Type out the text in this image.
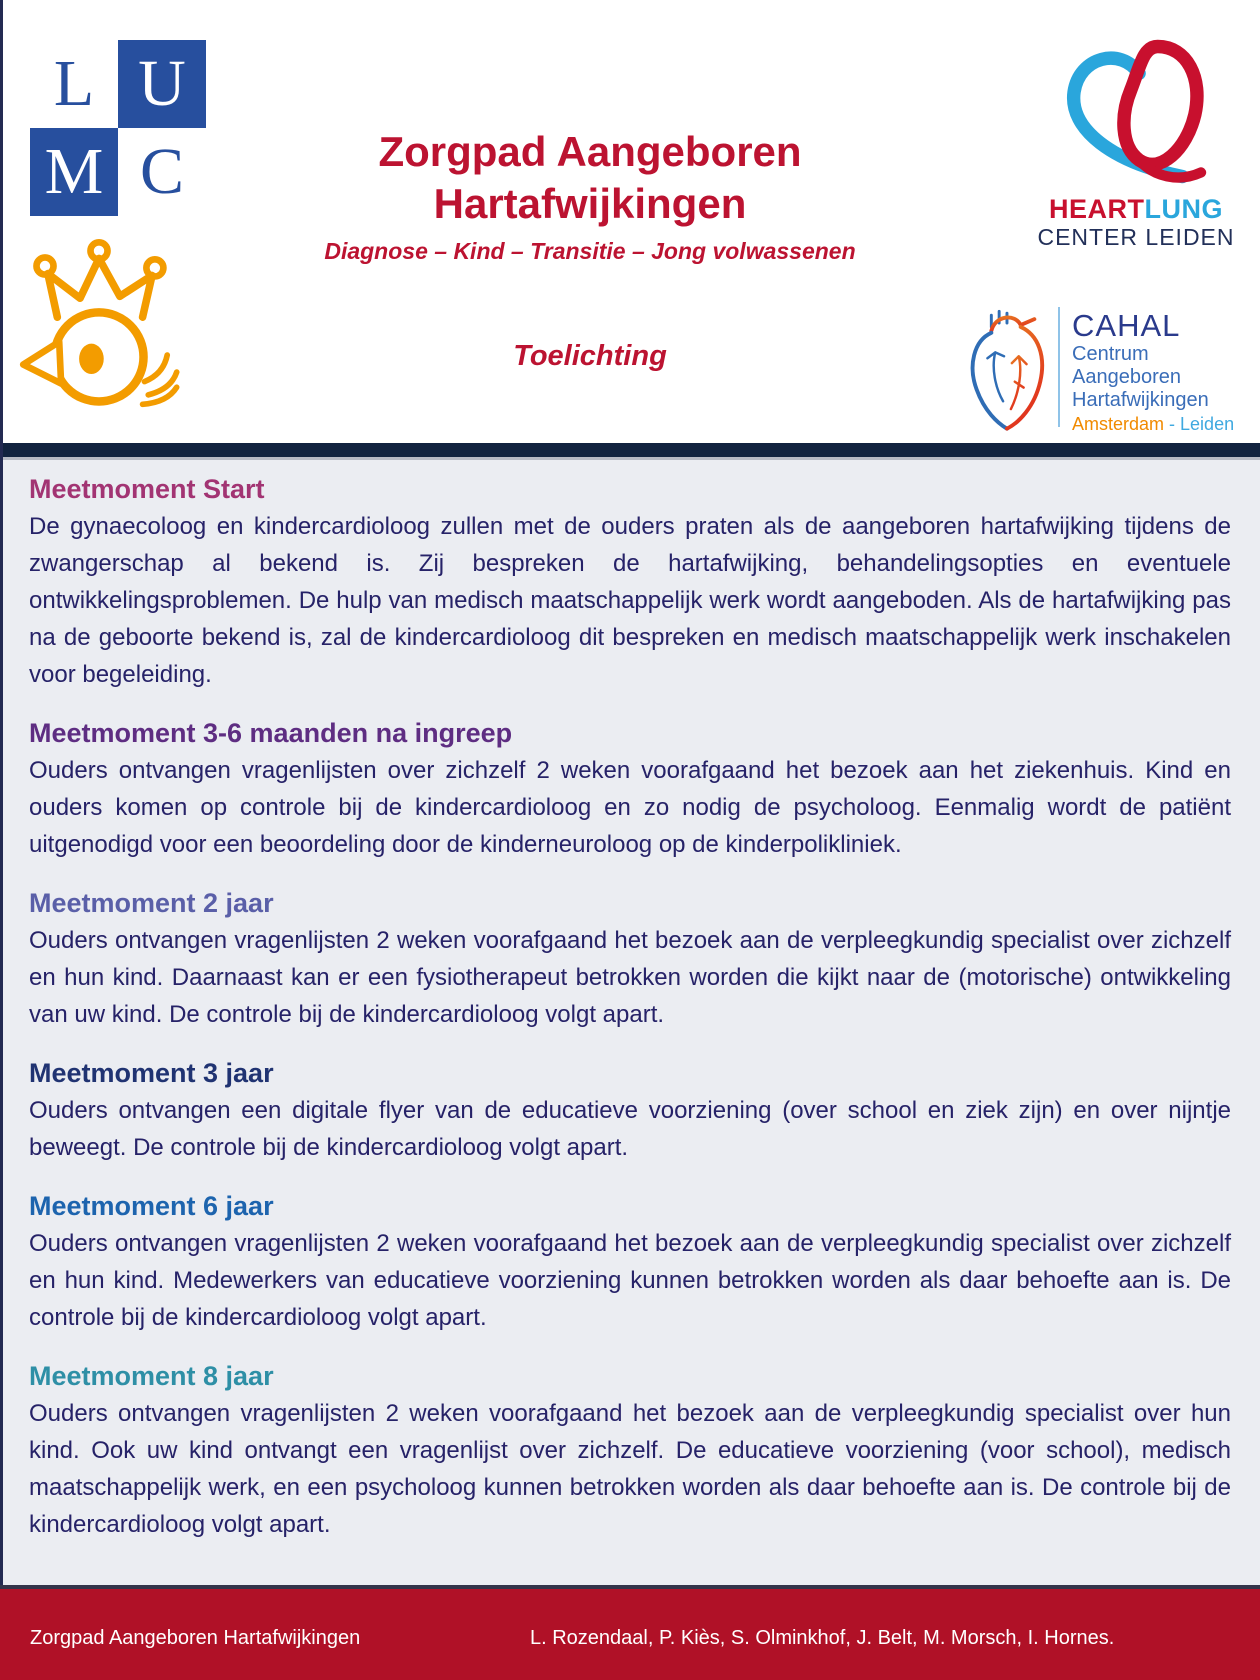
L U
M C	Zorgpad Aangeboren
Hartafwijkingen
Diagnose – Kind – Transitie – Jong volwassenen
Toelichting
HEARTLUNG
CENTER LEIDEN
CAHAL
Centrum Aangeboren
Hartafwijkingen
Amsterdam - Leiden
Meetmoment Start

De gynaecoloog en kindercardioloog zullen met de ouders praten als de aangeboren hartafwijking tijdens de zwangerschap al bekend is. Zij bespreken de hartafwijking, behandelingsopties en eventuele ontwikkelingsproblemen. De hulp van medisch maatschappelijk werk wordt aangeboden. Als de hartafwijking pas na de geboorte bekend is, zal de kindercardioloog dit bespreken en medisch maatschappelijk werk inschakelen voor begeleiding.

Meetmoment 3-6 maanden na ingreep

Ouders ontvangen vragenlijsten over zichzelf 2 weken voorafgaand het bezoek aan het ziekenhuis. Kind en ouders komen op controle bij de kindercardioloog en zo nodig de psycholoog. Eenmalig wordt de patiënt uitgenodigd voor een beoordeling door de kinderneuroloog op de kinderpolikliniek.

Meetmoment 2 jaar

Ouders ontvangen vragenlijsten 2 weken voorafgaand het bezoek aan de verpleegkundig specialist over zichzelf en hun kind. Daarnaast kan er een fysiotherapeut betrokken worden die kijkt naar de (motorische) ontwikkeling van uw kind. De controle bij de kindercardioloog volgt apart.

Meetmoment 3 jaar

Ouders ontvangen een digitale flyer van de educatieve voorziening (over school en ziek zijn) en over nijntje beweegt. De controle bij de kindercardioloog volgt apart.

Meetmoment 6 jaar

Ouders ontvangen vragenlijsten 2 weken voorafgaand het bezoek aan de verpleegkundig specialist over zichzelf en hun kind. Medewerkers van educatieve voorziening kunnen betrokken worden als daar behoefte aan is. De controle bij de kindercardioloog volgt apart.

Meetmoment 8 jaar

Ouders ontvangen vragenlijsten 2 weken voorafgaand het bezoek aan de verpleegkundig specialist over hun kind. Ook uw kind ontvangt een vragenlijst over zichzelf. De educatieve voorziening (voor school), medisch maatschappelijk werk, en een psycholoog kunnen betrokken worden als daar behoefte aan is. De controle bij de kindercardioloog volgt apart.

Zorgpad Aangeboren Hartafwijkingen	L. Rozendaal, P. Kiès, S. Olminkhof, J. Belt, M. Morsch, I. Hornes.
